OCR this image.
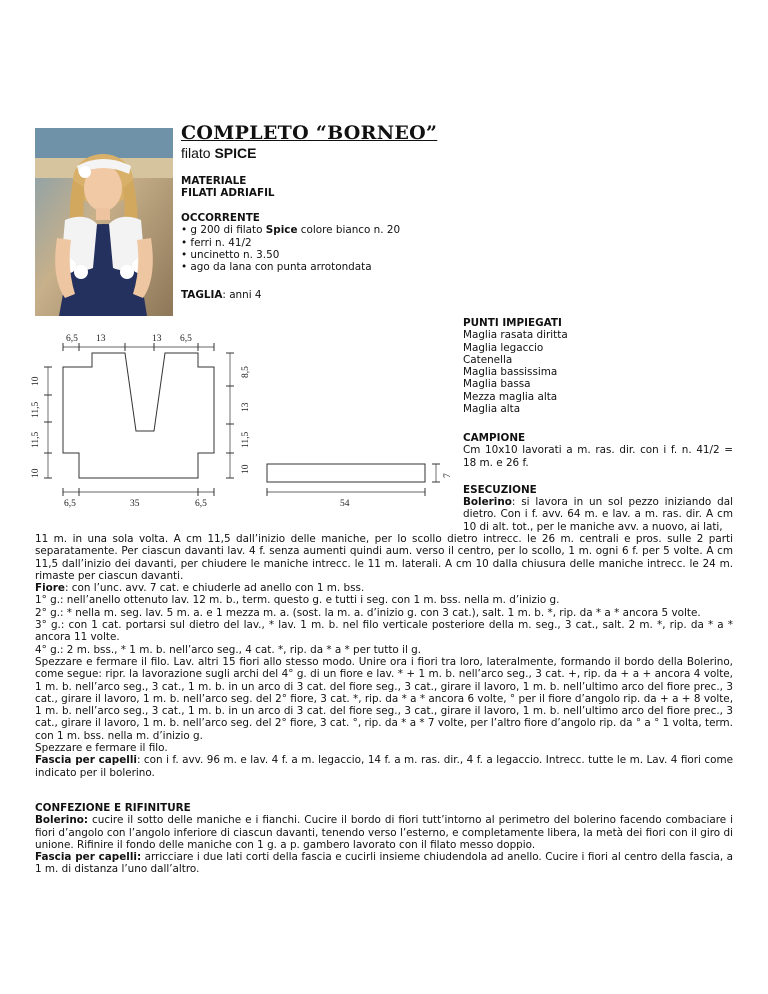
COMPLETO “BORNEO”
filato SPICE
MATERIALE
FILATI ADRIAFIL
OCCORRENTE
• g 200 di filato Spice colore bianco n. 20
• ferri n. 41/2
• uncinetto n. 3.50
• ago da lana con punta arrotondata
TAGLIA: anni 4
PUNTI IMPIEGATI
Maglia rasata diritta
Maglia legaccio
Catenella
Maglia bassissima
Maglia bassa
Mezza maglia alta
Maglia alta
CAMPIONE
Cm 10x10 lavorati a m. ras. dir. con i f. n. 41/2 = 18 m. e 26 f.
6,5 13	13 6,5
6,5	35	6,5	54
10
11,5
11,5
10
8,5
13
11,5
10
7
ESECUZIONE
Bolerino: si lavora in un sol pezzo iniziando dal dietro. Con i f. avv. 64 m. e lav. a m. ras. dir. A cm 10 di alt. tot., per le maniche avv. a nuovo, ai lati,

11 m. in una sola volta. A cm 11,5 dall’inizio delle maniche, per lo scollo dietro intrecc. le 26 m. centrali e pros. sulle 2 parti separatamente. Per ciascun davanti lav. 4 f. senza aumenti quindi aum. verso il centro, per lo scollo, 1 m. ogni 6 f. per 5 volte. A cm 11,5 dall’inizio dei davanti, per chiudere le maniche intrecc. le 11 m. laterali. A cm 10 dalla chiusura delle maniche intrecc. le 24 m. rimaste per ciascun davanti.

Fiore: con l’unc. avv. 7 cat. e chiuderle ad anello con 1 m. bss.

1° g.: nell’anello ottenuto lav. 12 m. b., term. questo g. e tutti i seg. con 1 m. bss. nella m. d’inizio g.

2° g.: * nella m. seg. lav. 5 m. a. e 1 mezza m. a. (sost. la m. a. d’inizio g. con 3 cat.), salt. 1 m. b. *, rip. da * a * ancora 5 volte.

3° g.: con 1 cat. portarsi sul dietro del lav., * lav. 1 m. b. nel filo verticale posteriore della m. seg., 3 cat., salt. 2 m. *, rip. da * a * ancora 11 volte.

4° g.: 2 m. bss., * 1 m. b. nell’arco seg., 4 cat. *, rip. da * a * per tutto il g.

Spezzare e fermare il filo. Lav. altri 15 fiori allo stesso modo. Unire ora i fiori tra loro, lateralmente, formando il bordo della Bolerino, come segue: ripr. la lavorazione sugli archi del 4° g. di un fiore e lav. * + 1 m. b. nell’arco seg., 3 cat. +, rip. da + a + ancora 4 volte, 1 m. b. nell’arco seg., 3 cat., 1 m. b. in un arco di 3 cat. del fiore seg., 3 cat., girare il lavoro, 1 m. b. nell’ultimo arco del fiore prec., 3 cat., girare il lavoro, 1 m. b. nell’arco seg. del 2° fiore, 3 cat. *, rip. da * a * ancora 6 volte, ° per il fiore d’angolo rip. da + a + 8 volte, 1 m. b. nell’arco seg., 3 cat., 1 m. b. in un arco di 3 cat. del fiore seg., 3 cat., girare il lavoro, 1 m. b. nell’ultimo arco del fiore prec., 3 cat., girare il lavoro, 1 m. b. nell’arco seg. del 2° fiore, 3 cat. °, rip. da * a * 7 volte, per l’altro fiore d’angolo rip. da ° a ° 1 volta, term. con 1 m. bss. nella m. d’inizio g.

Spezzare e fermare il filo.

Fascia per capelli: con i f. avv. 96 m. e lav. 4 f. a m. legaccio, 14 f. a m. ras. dir., 4 f. a legaccio. Intrecc. tutte le m. Lav. 4 fiori come indicato per il bolerino.

CONFEZIONE E RIFINITURE

Bolerino: cucire il sotto delle maniche e i fianchi. Cucire il bordo di fiori tutt’intorno al perimetro del bolerino facendo combaciare i fiori d’angolo con l’angolo inferiore di ciascun davanti, tenendo verso l’esterno, e completamente libera, la metà dei fiori con il giro di unione. Rifinire il fondo delle maniche con 1 g. a p. gambero lavorato con il filato messo doppio.

Fascia per capelli: arricciare i due lati corti della fascia e cucirli insieme chiudendola ad anello. Cucire i fiori al centro della fascia, a 1 m. di distanza l’uno dall’altro.
